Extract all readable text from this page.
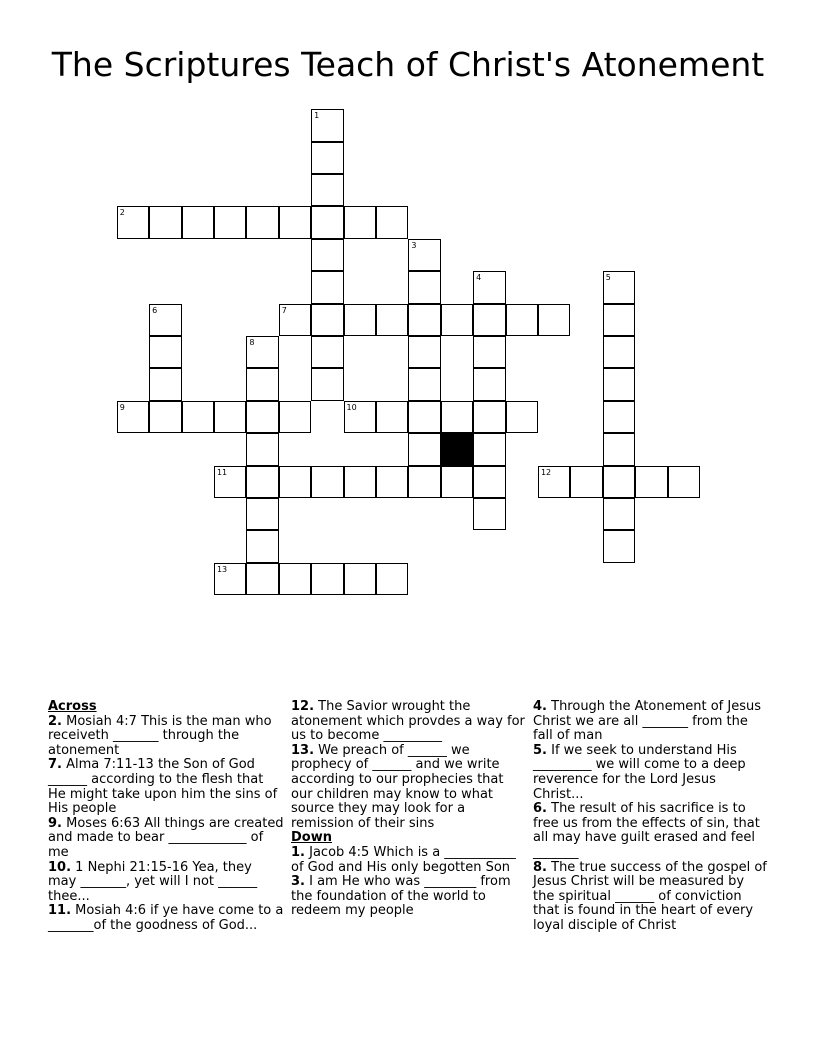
The Scriptures Teach of Christ's Atonement
1
2
3
4	5
6	7
8
9	10
11	12
13
Across
2. Mosiah 4:7 This is the man who receiveth _______ through the atonement
7. Alma 7:11-13 the Son of God ______ according to the flesh that He might take upon him the sins of His people
9. Moses 6:63 All things are created and made to bear ____________ of me
10. 1 Nephi 21:15-16 Yea, they may _______, yet will I not ______ thee...
11. Mosiah 4:6 if ye have come to a _______of the goodness of God...
12. The Savior wrought the atonement which provdes a way for us to become _________
13. We preach of ______ we prophecy of ______ and we write according to our prophecies that our children may know to what source they may look for a remission of their sins
Down
1. Jacob 4:5 Which is a ___________ of God and His only begotten Son
3. I am He who was ________ from the foundation of the world to redeem my people
4. Through the Atonement of Jesus Christ we are all _______ from the fall of man
5. If we seek to understand His _________ we will come to a deep reverence for the Lord Jesus Christ...
6. The result of his sacrifice is to free us from the effects of sin, that all may have guilt erased and feel _______
8. The true success of the gospel of Jesus Christ will be measured by the spiritual ______ of conviction that is found in the heart of every loyal disciple of Christ
